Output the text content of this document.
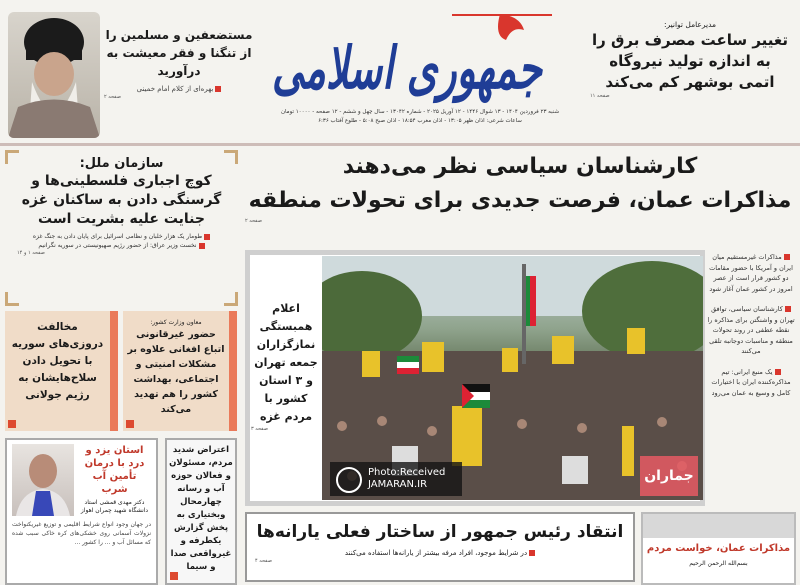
مستضعفین و مسلمین را از تنگنا و فقر معیشت به درآورید
بهره‌ای از کلام امام خمینی
صفحه ۲	ری اسلامی
شنبه ۲۳ فروردین ۱۴۰۴ - ۱۳ شوال ۱۴۴۶ - ۱۲ آوریل ۲۰۲۵ - شماره ۱۳۰۴۲ - سال چهل و ششم - ۱۲ صفحه - ۱۰۰۰۰ تومان
ساعات شرعی: اذان ظهر ۱۳:۰۵ - اذان مغرب ۱۸:۵۴ - اذان صبح ۵:۰۸ - طلوع آفتاب ۶:۳۶
مدیرعامل توانیر:
تغییر ساعت مصرف برق را به اندازه تولید نیروگاه اتمی بوشهر کم می‌کند
صفحه ۱۱
سازمان ملل:
کوچ اجباری فلسطینی‌ها و گرسنگی دادن به ساکنان غزه جنایت علیه بشریت است
طومار یک هزار خلبان و نظامی اسرائیل برای پایان دادن به جنگ غزه
نخست وزیر عراق: از حضور رژیم صهیونیستی در سوریه نگرانیم
صفحه ۱ و ۱۴
مخالفت دروزی‌های سوریه با تحویل دادن سلاح‌هایشان به رژیم جولانی
معاون وزارت کشور:
حضور غیرقانونی اتباع افغانی علاوه بر مشکلات امنیتی و اجتماعی، بهداشت کشور را هم تهدید می‌کند
استان یزد و درد با درمان تأمین آب شرب
دکتر مهدی قمشی استاد دانشگاه شهید چمران اهواز
در جهان وجود انواع شرایط اقلیمی و توزیع غیریکنواخت نزولات آسمانی روی خشکی‌های کره خاکی سبب شده که مسائل آب و ... را کشور ...
اعتراض شدید مردم، مسئولان و فعالان حوزه آب و رسانه چهارمحال وبختیاری به پخش گزارش یکطرفه و غیرواقعی صدا و سیما
کارشناسان سیاسی نظر می‌دهند
مذاکرات عمان، فرصت جدیدی برای تحولات منطقه
صفحه ۲
اعلام همبستگی نمازگزاران جمعه تهران و ۳ استان کشور با مردم غزه
صفحه ۳
مذاکرات غیرمستقیم میان ایران و آمریکا با حضور مقامات دو کشور قرار است از عصر امروز در کشور عمان آغاز شود
کارشناسان سیاسی، توافق تهران و واشنگتن برای مذاکره را نقطه عطفی در روند تحولات منطقه و مناسبات دوجانبه تلقی می‌کنند
یک منبع ایرانی: تیم مذاکره‌کننده ایران با اختیارات کامل و وسیع به عمان می‌رود
انتقاد رئیس جمهور از ساختار فعلی یارانه‌ها
در شرایط موجود، افراد مرفه بیشتر از یارانه‌ها استفاده می‌کنند
صفحه ۴
مذاکرات عمان، خواست مردم
بسم‌الله الرحمن الرحیم
Photo:Received
JAMARAN.IR
جماران
